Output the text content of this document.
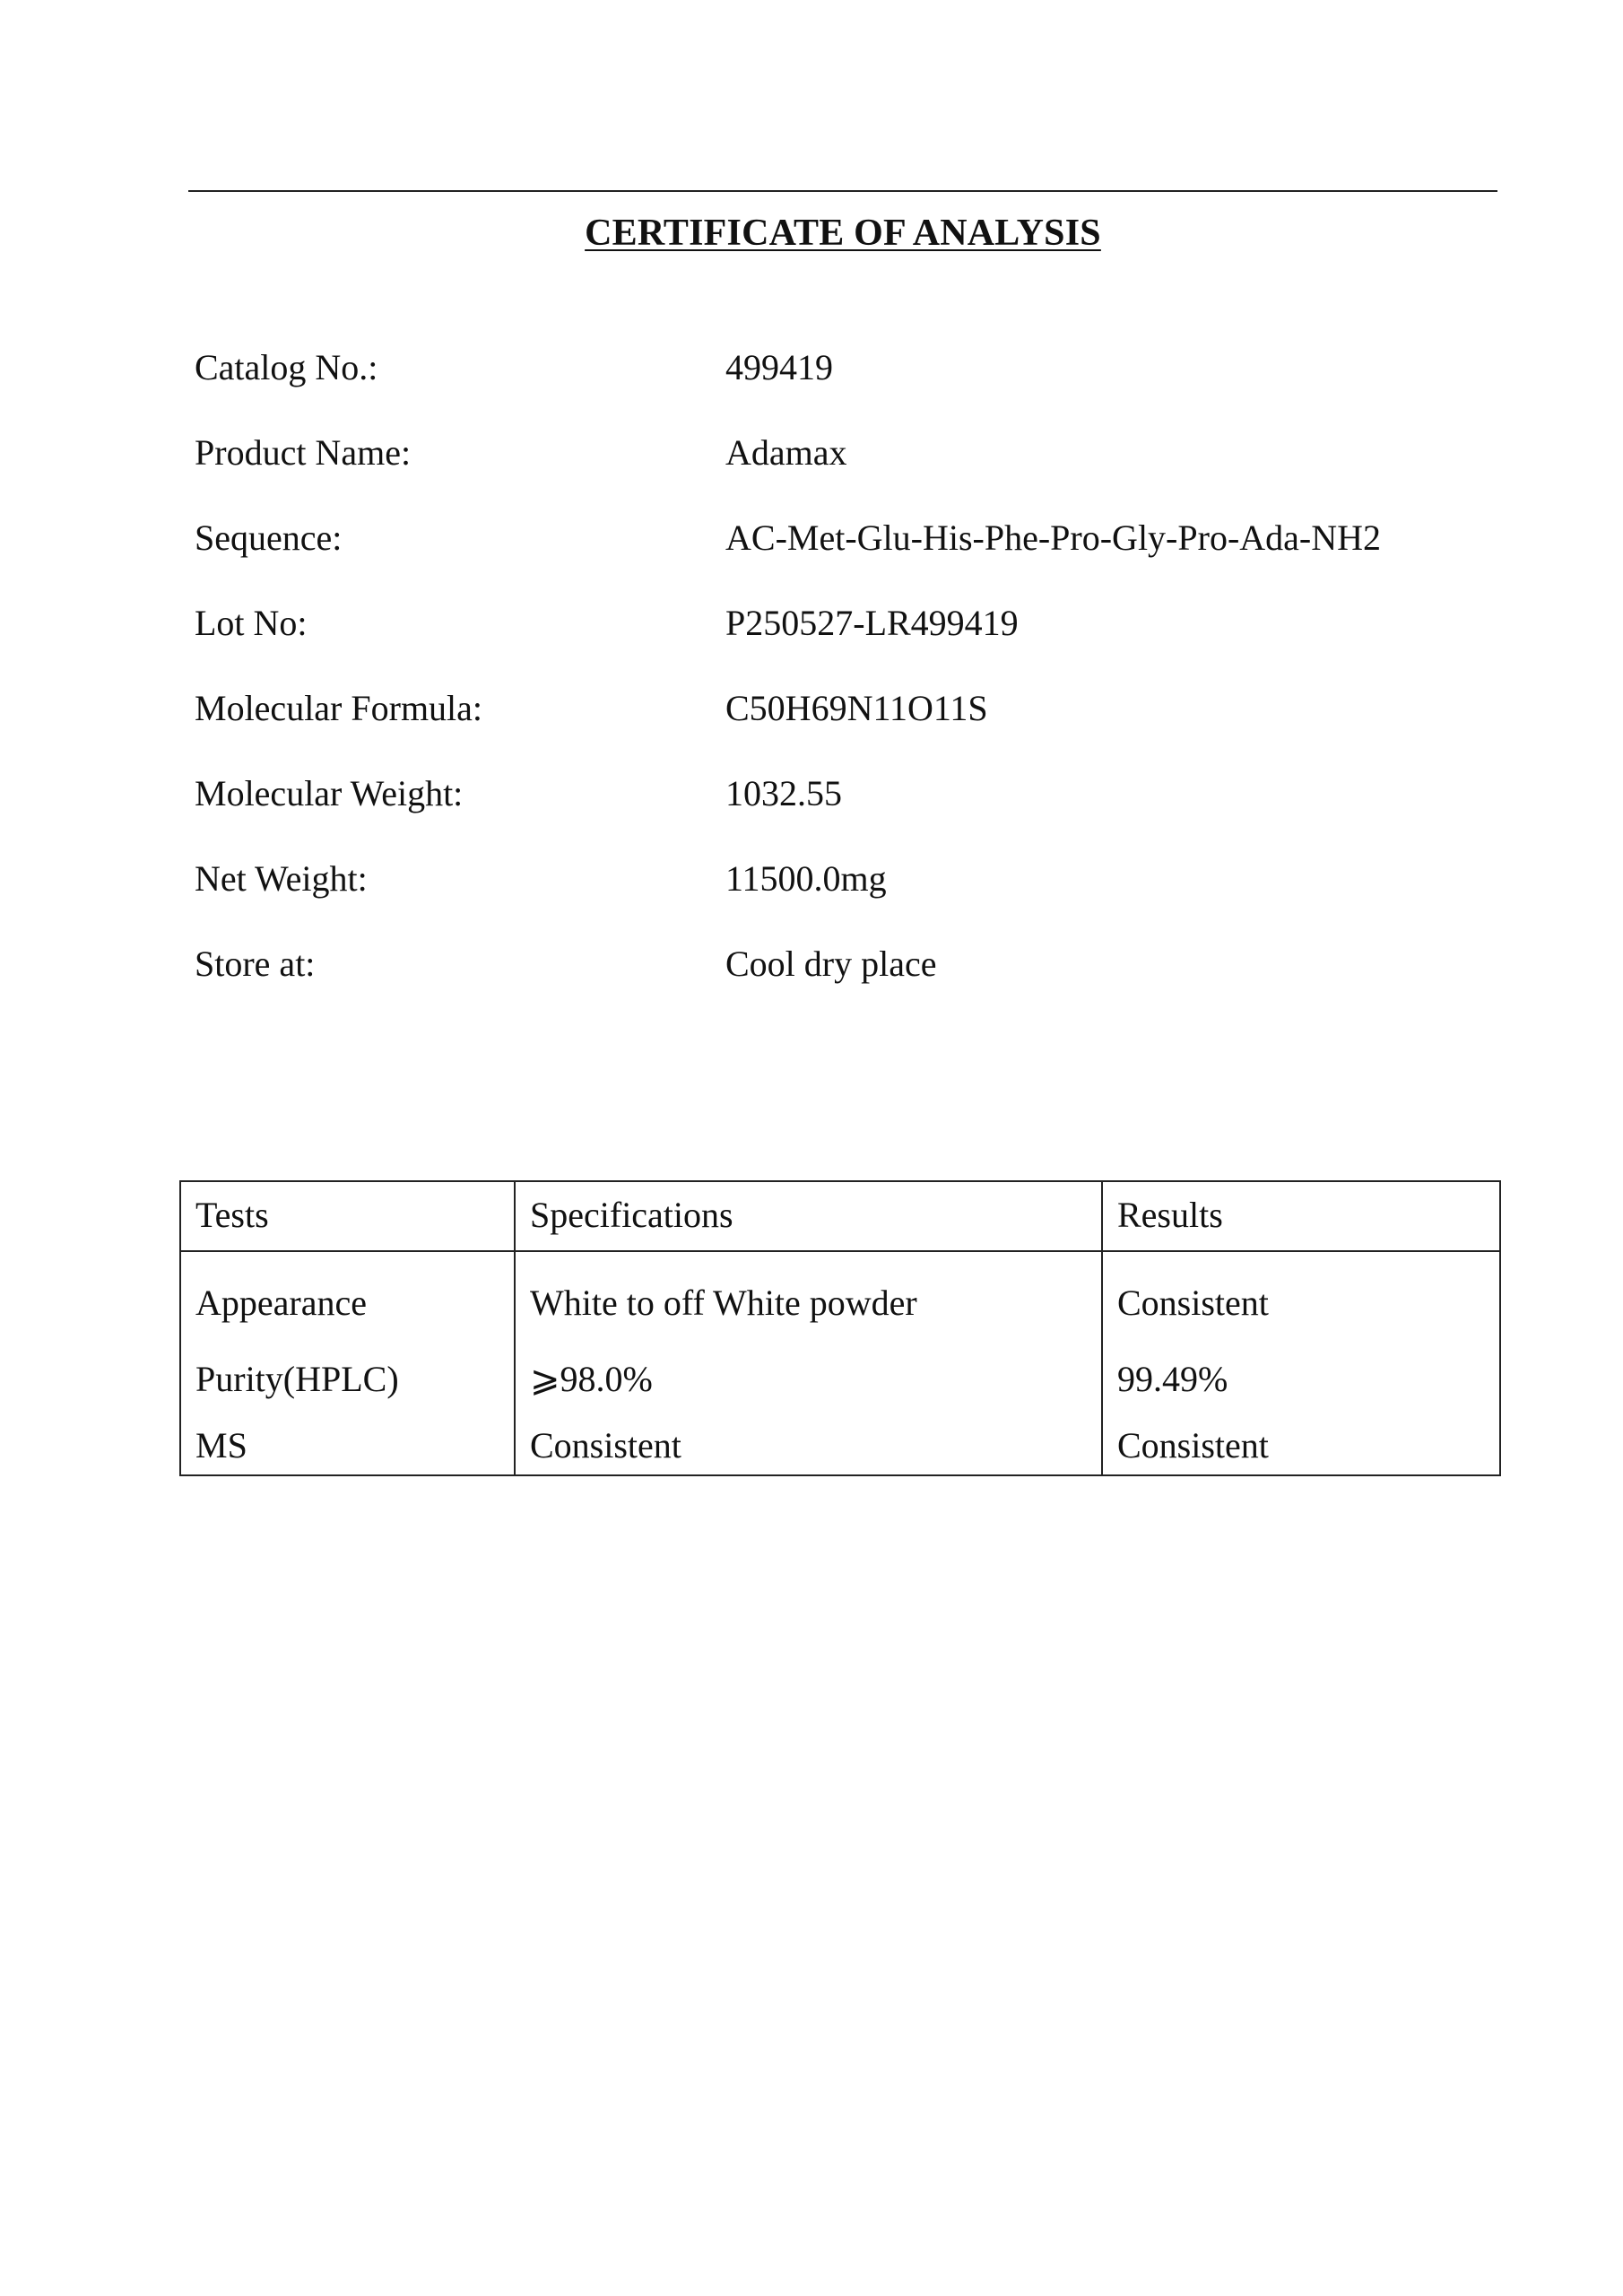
CERTIFICATE OF ANALYSIS
Catalog No.:	499419
Product Name:	Adamax
Sequence:	AC-Met-Glu-His-Phe-Pro-Gly-Pro-Ada-NH2
Lot No:	P250527-LR499419
Molecular Formula:	C50H69N11O11S
Molecular Weight:	1032.55
Net Weight:	11500.0mg
Store at:	Cool dry place
Tests	Specifications	Results
Appearance	White to off White powder	Consistent
Purity(HPLC)	⩾98.0%	99.49%
MS	Consistent	Consistent
